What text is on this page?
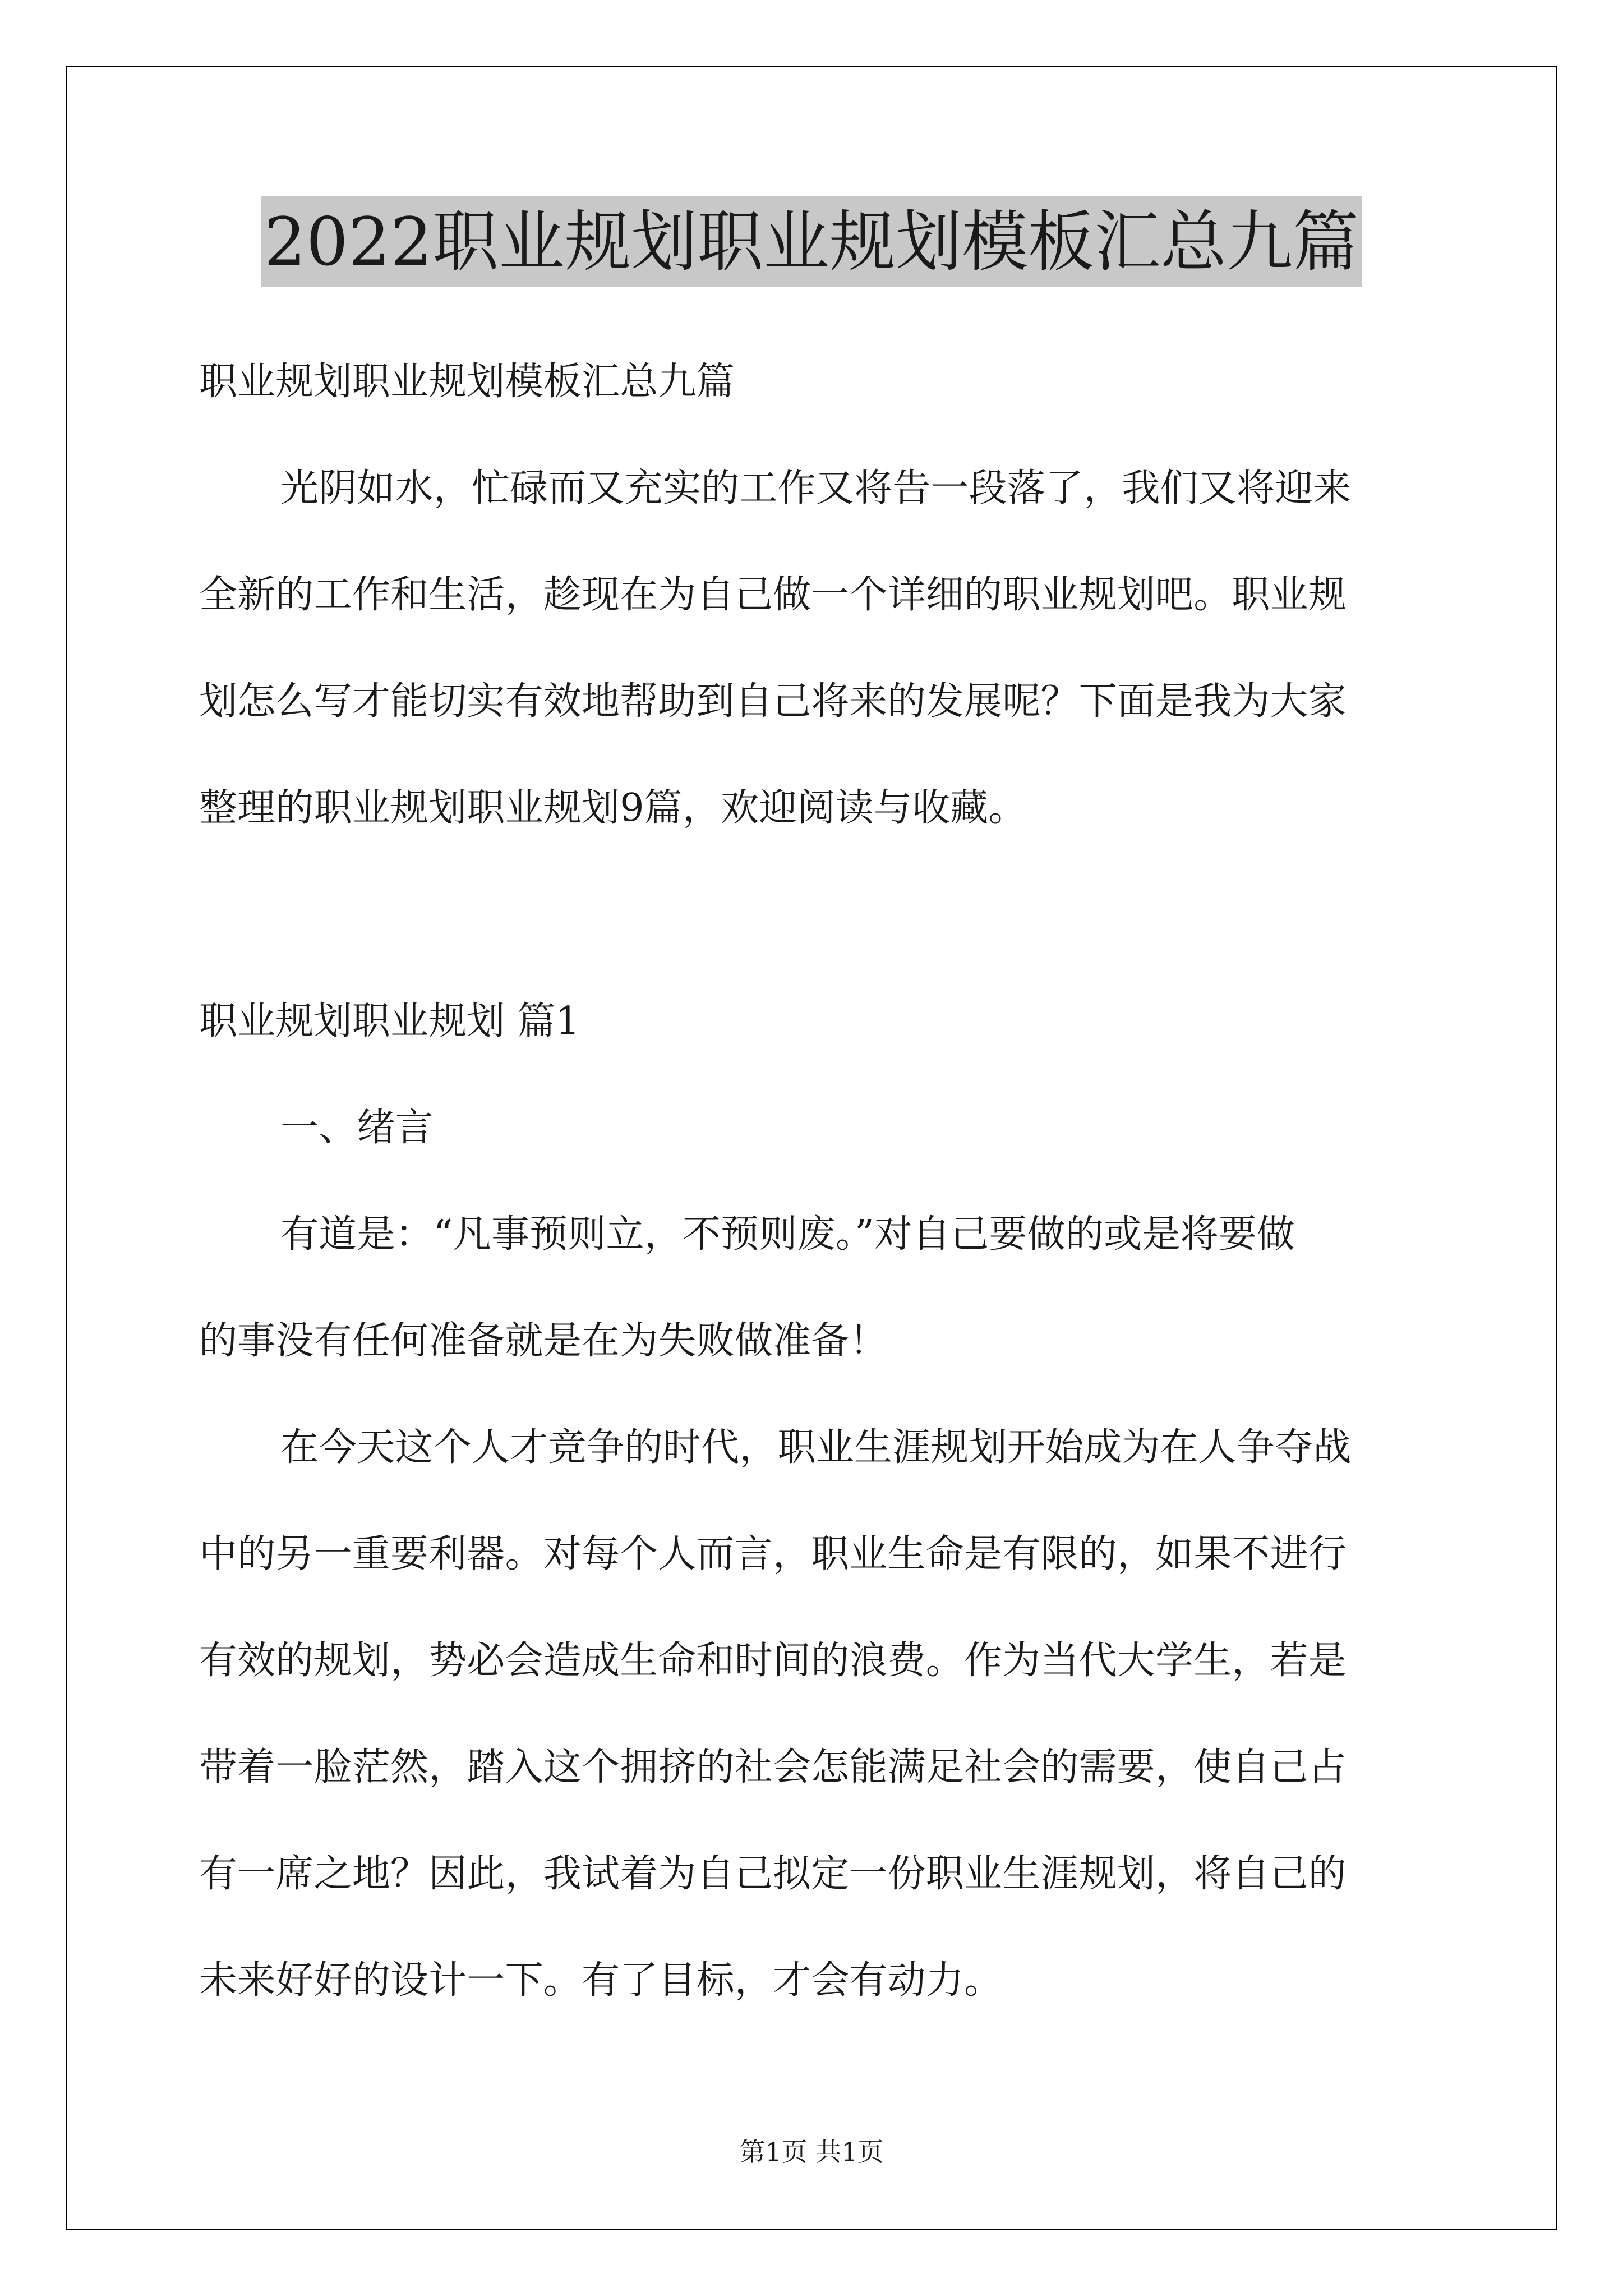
2022职业规划职业规划模板汇总九篇
职业规划职业规划模板汇总九篇
光阴如水，忙碌而又充实的工作又将告一段落了，我们又将迎来
全新的工作和生活，趁现在为自己做一个详细的职业规划吧。职业规
划怎么写才能切实有效地帮助到自己将来的发展呢？下面是我为大家
整理的职业规划职业规划9篇，欢迎阅读与收藏。
职业规划职业规划 篇1
一、绪言
有道是：“凡事预则立，不预则废。”对自己要做的或是将要做
的事没有任何准备就是在为失败做准备！
在今天这个人才竞争的时代，职业生涯规划开始成为在人争夺战
中的另一重要利器。对每个人而言，职业生命是有限的，如果不进行
有效的规划，势必会造成生命和时间的浪费。作为当代大学生，若是
带着一脸茫然，踏入这个拥挤的社会怎能满足社会的需要，使自己占
有一席之地？因此，我试着为自己拟定一份职业生涯规划，将自己的
未来好好的设计一下。有了目标，才会有动力。
第1页 共1页
